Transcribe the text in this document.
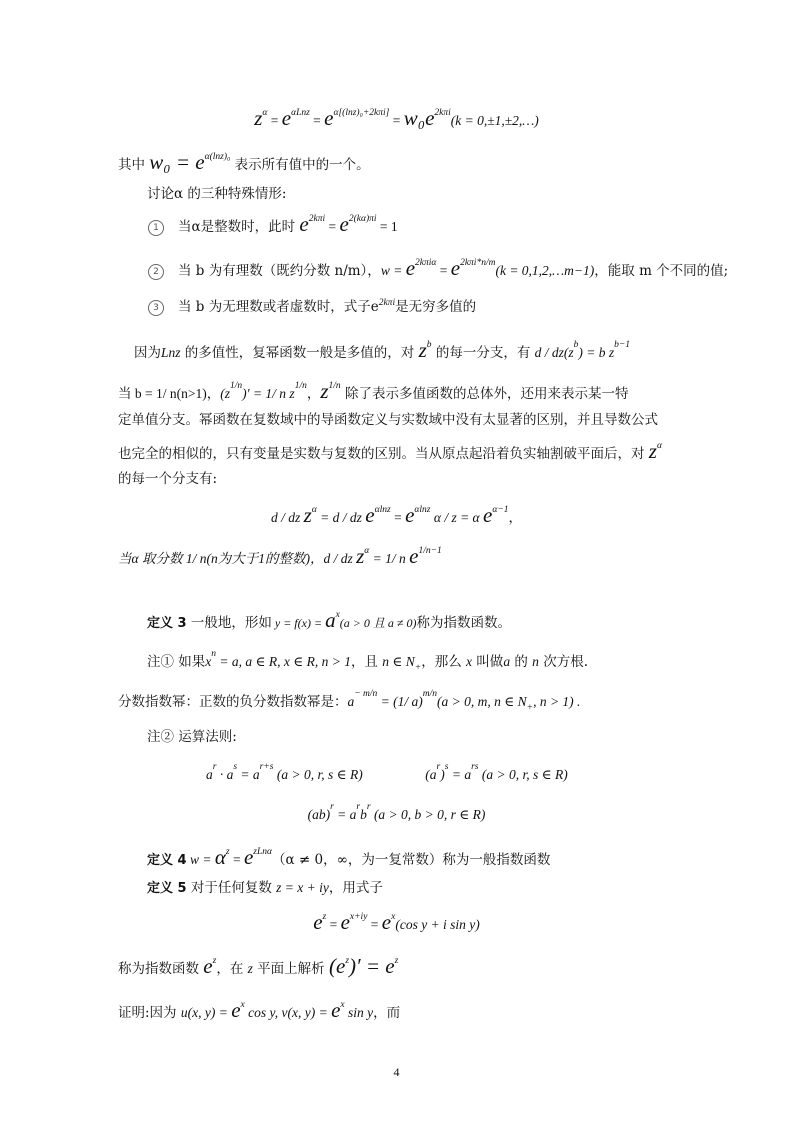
$z^\alpha = e^{\alpha Lnz} = e^{\alpha[(lnz)_0+2k\pi i]} = w_0e^{2k\pi i}(k$ = 0,±1,±2,…)
其中 $w_0 = e^{\alpha(lnz)_0}$ 表示所有值中的一个。
讨论α 的三种特殊情形:
1 当α是整数时，此时 $e^{2k\pi i} = e^{2(k\alpha)\pi i} = 1$
2 当 b 为有理数（既约分数 n/m），$w = e^{2k\pi i\alpha} = e^{2k\pi i*n/m}(k$ = 0,1,2,…m−1)，能取 m 个不同的值;
3 当 b 为无理数或者虚数时，式子$e^{2k\pi i}$是无穷多值的
因为Lnz 的多值性，复幂函数一般是多值的，对 $z^b$ 的每一分支，有 $d / dz(z^b) = b$ $z^{b-1}$
当 b = 1/ n(n>1)，$(z^{1/n})' = 1/$ n $z^{1/n}$，$z^{1/n}$ 除了表示多值函数的总体外，还用来表示某一特
定单值分支。幂函数在复数域中的导函数定义与实数域中没有太显著的区别，并且导数公式
也完全的相似的，只有变量是实数与复数的区别。当从原点起沿着负实轴割破平面后，对 $z^\alpha$
的每一个分支有:
d / dz $z^\alpha = d$ / dz $e^{\alpha lnz} = e^{\alpha lnz}$ α / z = α $e^{\alpha-1}$，
当α 取分数 1/ n(n为大于1的整数)，d / dz $z^\alpha = 1/$ n $e^{1/n-1}$
定义 3 一般地，形如 $y = f(x) = a^x(a > 0$ 且 a ≠ 0)称为指数函数。
注① 如果$x^n = a$, a ∈ R, x ∈ R, n > 1，且 n ∈ $N_+$，那么 x 叫做a 的 n 次方根.
分数指数幂：正数的负分数指数幂是：$a^{- m/n} = (1/$ a)$^{m/n}$(a > 0, m, n ∈ $N_+$, n > 1) .
注② 运算法则:
$a^r \cdot a^s = a^{r+s}$ (a > 0, r, s ∈ R)	$(a^r)^s = a^{rs}$ (a > 0, r, s ∈ R)
$(ab)^r = a^rb^r$ (a > 0, b > 0, r ∈ R)
定义 4 $w = \alpha^z = e^{zLn\alpha}(\alpha \ne 0$，∞，为一复常数）称为一般指数函数
定义 5 对于任何复数 z = x + iy，用式子
$e^z = e^{x+iy} = e^x(\cos$ y + i sin y)
称为指数函数 $e^z$，在 z 平面上解析 $(e^z)' = e^z$
证明:因为 u(x, $y) = e^x$ cos y, v(x, $y) = e^x$ sin y，而
4
